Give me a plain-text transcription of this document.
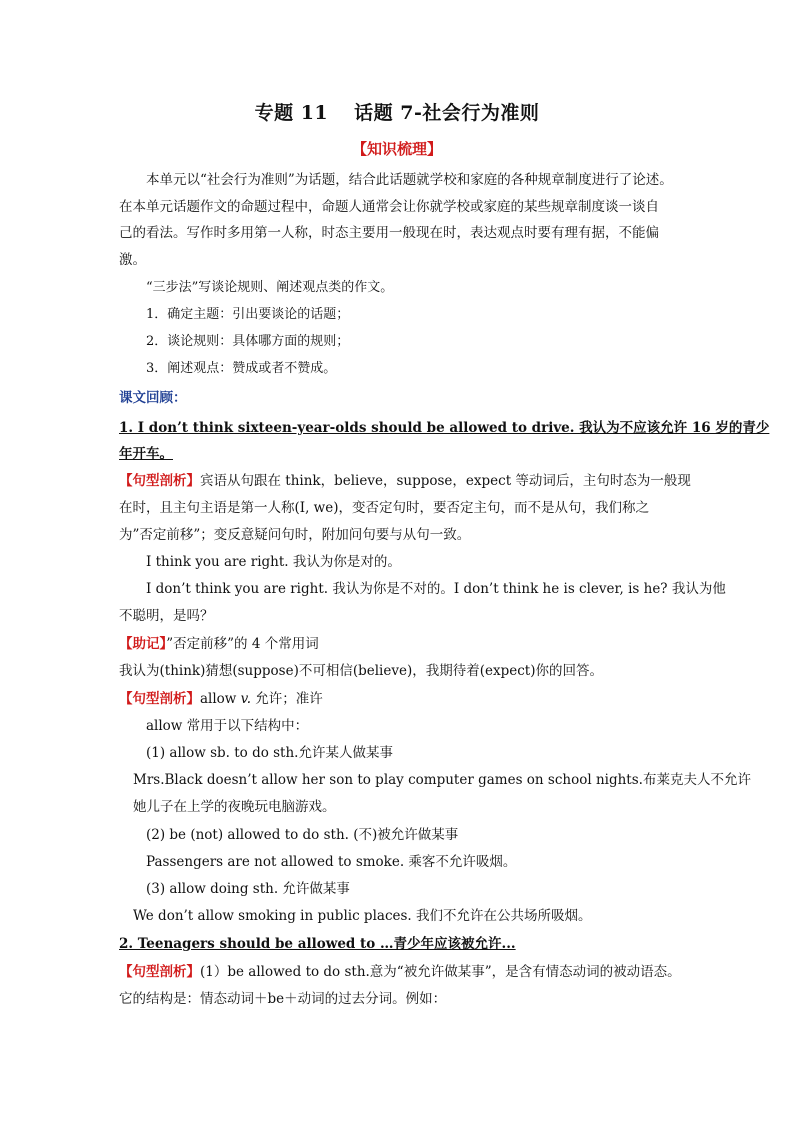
专题 11 话题 7-社会行为准则
【知识梳理】
本单元以“社会行为准则”为话题，结合此话题就学校和家庭的各种规章制度进行了论述。
在本单元话题作文的命题过程中，命题人通常会让你就学校或家庭的某些规章制度谈一谈自
己的看法。写作时多用第一人称，时态主要用一般现在时，表达观点时要有理有据，不能偏
激。
“三步法”写谈论规则、阐述观点类的作文。
1．确定主题：引出要谈论的话题；
2．谈论规则：具体哪方面的规则；
3．阐述观点：赞成或者不赞成。
课文回顾：
1. I don’t think sixteen-year-olds should be allowed to drive. 我认为不应该允许 16 岁的青少
年开车。
【句型剖析】宾语从句跟在 think，believe，suppose，expect 等动词后，主句时态为一般现
在时，且主句主语是第一人称(I, we)，变否定句时，要否定主句，而不是从句，我们称之
为”否定前移”；变反意疑问句时，附加问句要与从句一致。
I think you are right. 我认为你是对的。
I don’t think you are right. 我认为你是不对的。I don’t think he is clever, is he? 我认为他
不聪明，是吗？
【助记】”否定前移”的 4 个常用词
我认为(think)猜想(suppose)不可相信(believe)，我期待着(expect)你的回答。
【句型剖析】allow v. 允许；准许
allow 常用于以下结构中：
(1) allow sb. to do sth.允许某人做某事
Mrs.Black doesn’t allow her son to play computer games on school nights.布莱克夫人不允许
她儿子在上学的夜晚玩电脑游戏。
(2) be (not) allowed to do sth. (不)被允许做某事
Passengers are not allowed to smoke. 乘客不允许吸烟。
(3) allow doing sth. 允许做某事
We don’t allow smoking in public places. 我们不允许在公共场所吸烟。
2. Teenagers should be allowed to …青少年应该被允许...
【句型剖析】(1）be allowed to do sth.意为“被允许做某事”，是含有情态动词的被动语态。
它的结构是：情态动词＋be＋动词的过去分词。例如：
